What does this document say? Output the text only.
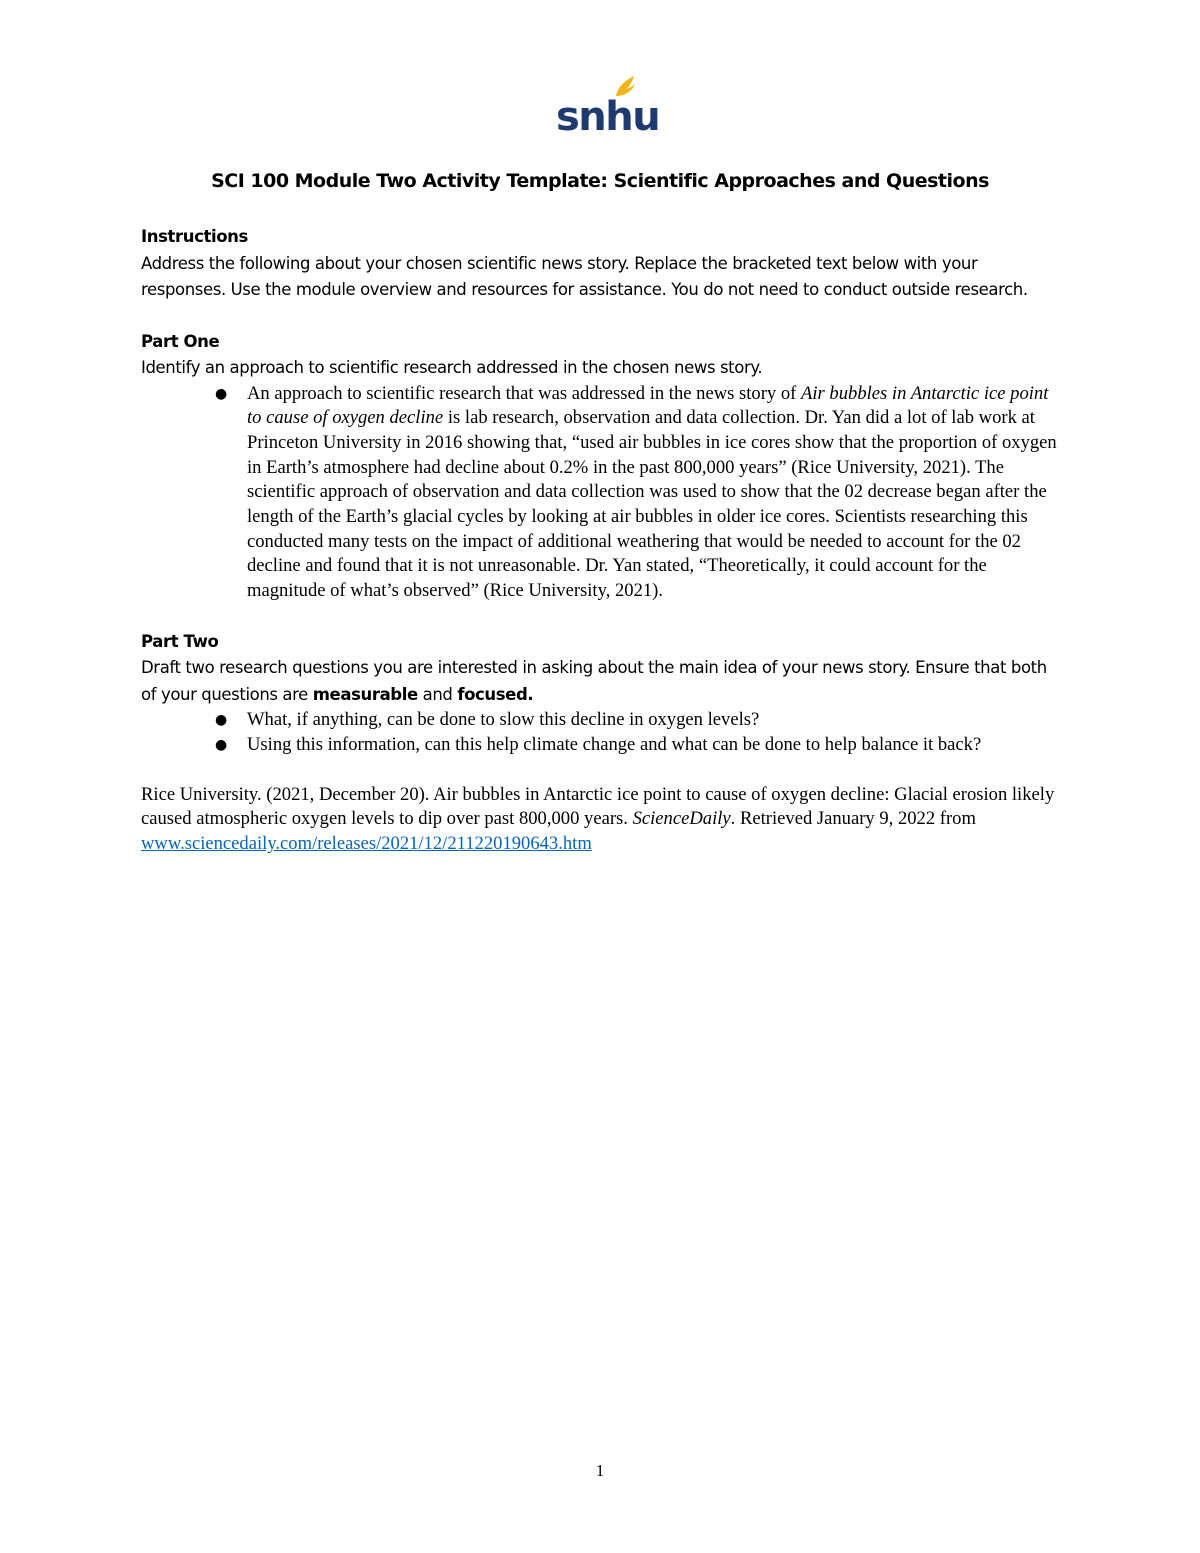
snhu
SCI 100 Module Two Activity Template: Scientific Approaches and Questions

Instructions

Address the following about your chosen scientific news story. Replace the bracketed text below with your responses. Use the module overview and resources for assistance. You do not need to conduct outside research.

Part One

Identify an approach to scientific research addressed in the chosen news story.

● An approach to scientific research that was addressed in the news story of Air bubbles in Antarctic ice point to cause of oxygen decline is lab research, observation and data collection. Dr. Yan did a lot of lab work at Princeton University in 2016 showing that, “used air bubbles in ice cores show that the proportion of oxygen in Earth’s atmosphere had decline about 0.2% in the past 800,000 years” (Rice University, 2021). The scientific approach of observation and data collection was used to show that the 02 decrease began after the length of the Earth’s glacial cycles by looking at air bubbles in older ice cores. Scientists researching this conducted many tests on the impact of additional weathering that would be needed to account for the 02 decline and found that it is not unreasonable. Dr. Yan stated, “Theoretically, it could account for the magnitude of what’s observed” (Rice University, 2021).

Part Two

Draft two research questions you are interested in asking about the main idea of your news story. Ensure that both of your questions are measurable and focused.

● What, if anything, can be done to slow this decline in oxygen levels?
● Using this information, can this help climate change and what can be done to help balance it back?

Rice University. (2021, December 20). Air bubbles in Antarctic ice point to cause of oxygen decline: Glacial erosion likely caused atmospheric oxygen levels to dip over past 800,000 years. ScienceDaily. Retrieved January 9, 2022 from www.sciencedaily.com/releases/2021/12/211220190643.htm

1
